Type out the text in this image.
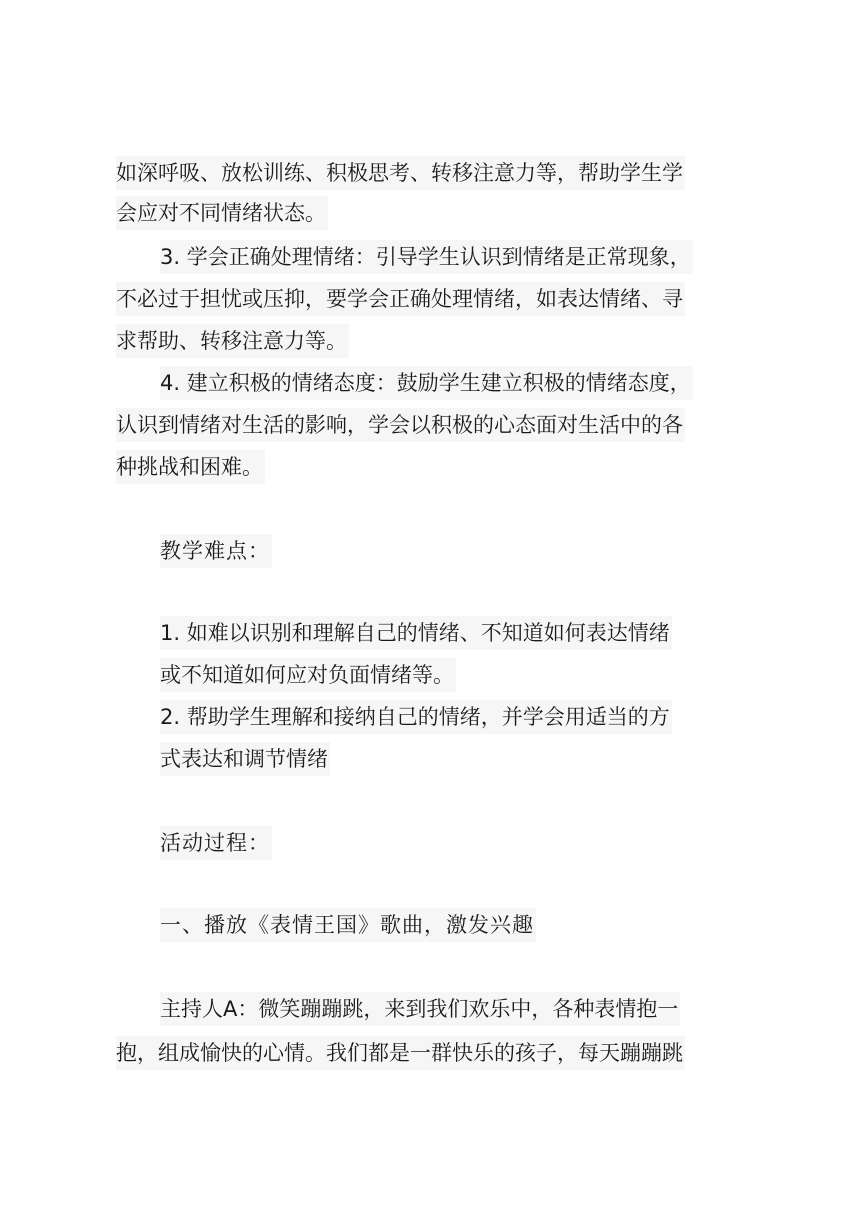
如深呼吸、放松训练、积极思考、转移注意力等，帮助学生学
会应对不同情绪状态。
3. 学会正确处理情绪：引导学生认识到情绪是正常现象，
不必过于担忧或压抑，要学会正确处理情绪，如表达情绪、寻
求帮助、转移注意力等。
4. 建立积极的情绪态度：鼓励学生建立积极的情绪态度，
认识到情绪对生活的影响，学会以积极的心态面对生活中的各
种挑战和困难。
教学难点：
1. 如难以识别和理解自己的情绪、不知道如何表达情绪
或不知道如何应对负面情绪等。
2. 帮助学生理解和接纳自己的情绪，并学会用适当的方
式表达和调节情绪
活动过程：
一、播放《表情王国》歌曲，激发兴趣
主持人A：微笑蹦蹦跳，来到我们欢乐中，各种表情抱一
抱，组成愉快的心情。我们都是一群快乐的孩子，每天蹦蹦跳
